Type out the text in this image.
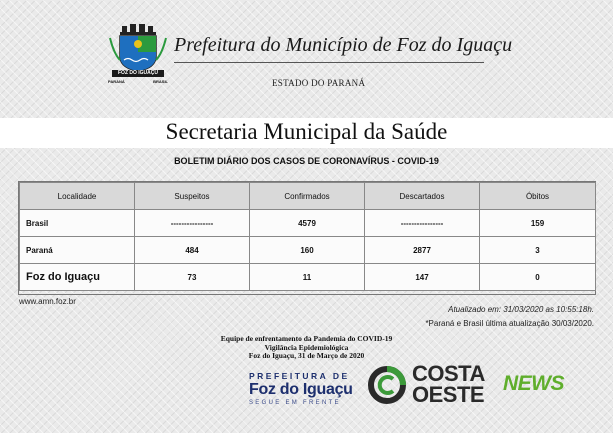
FOZ DO IGUAÇU
PARANÁ	BRASIL
Prefeitura do Município de Foz do Iguaçu
ESTADO DO PARANÁ
Secretaria Municipal da Saúde
BOLETIM DIÁRIO DOS CASOS DE CORONAVÍRUS - COVID-19
Localidade	Suspeitos	Confirmados	Descartados	Óbitos
Brasil	----------------	4579	----------------	159
Paraná	484	160	2877	3
Foz do Iguaçu	73	11	147	0
www.amn.foz.br
Atualizado em: 31/03/2020 as 10:55:18h.
*Paraná e Brasil última atualização 30/03/2020.
Equipe de enfrentamento da Pandemia do COVID-19
Vigilância Epidemiológica
Foz do Iguaçu, 31 de Março de 2020
PREFEITURA DE
Foz do Iguaçu
SEGUE EM FRENTE
COSTA
OESTE NEWS
